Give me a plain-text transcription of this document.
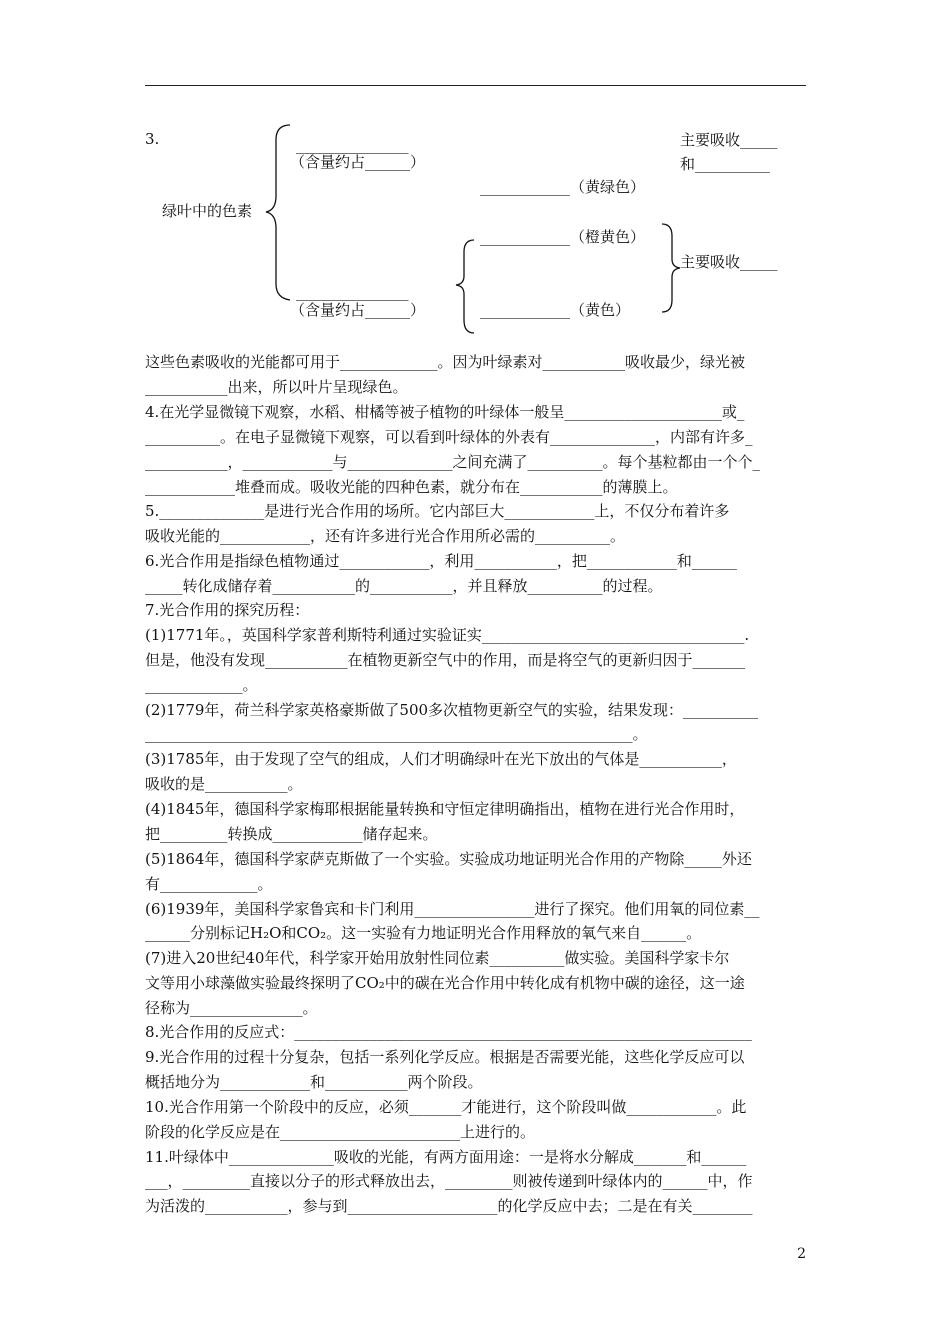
3.
绿叶中的色素
_______________
（含量约占______）
主要吸收_____
和__________
____________（黄绿色）
____________（橙黄色）
主要吸收_____
_______________
（含量约占______）	____________（黄色）
这些色素吸收的光能都可用于_____________。因为叶绿素对___________吸收最少，绿光被
___________出来，所以叶片呈现绿色。
4.在光学显微镜下观察，水稻、柑橘等被子植物的叶绿体一般呈_____________________或_
__________。在电子显微镜下观察，可以看到叶绿体的外表有______________，内部有许多_
___________，____________与______________之间充满了__________。每个基粒都由一个个_
____________堆叠而成。吸收光能的四种色素，就分布在___________的薄膜上。
5.______________是进行光合作用的场所。它内部巨大____________上，不仅分布着许多
吸收光能的____________，还有许多进行光合作用所必需的__________。
6.光合作用是指绿色植物通过____________，利用___________，把____________和______
_____转化成储存着___________的___________，并且释放__________的过程。
7.光合作用的探究历程：
(1)1771年。，英国科学家普利斯特利通过实验证实___________________________________.
但是，他没有发现___________在植物更新空气中的作用，而是将空气的更新归因于_______
_____________。
(2)1779年，荷兰科学家英格豪斯做了500多次植物更新空气的实验，结果发现：__________
_________________________________________________________________。
(3)1785年，由于发现了空气的组成，人们才明确绿叶在光下放出的气体是___________，
吸收的是___________。
(4)1845年，德国科学家梅耶根据能量转换和守恒定律明确指出，植物在进行光合作用时，
把_________转换成____________储存起来。
(5)1864年，德国科学家萨克斯做了一个实验。实验成功地证明光合作用的产物除_____外还
有_____________。
(6)1939年，美国科学家鲁宾和卡门利用________________进行了探究。他们用氧的同位素__
______分别标记H₂O和CO₂。这一实验有力地证明光合作用释放的氧气来自______。
(7)进入20世纪40年代，科学家开始用放射性同位素__________做实验。美国科学家卡尔
文等用小球藻做实验最终探明了CO₂中的碳在光合作用中转化成有机物中碳的途径，这一途
径称为_______________。
8.光合作用的反应式：_____________________________________________________________
9.光合作用的过程十分复杂，包括一系列化学反应。根据是否需要光能，这些化学反应可以
概括地分为____________和___________两个阶段。
10.光合作用第一个阶段中的反应，必须_______才能进行，这个阶段叫做____________。此
阶段的化学反应是在________________________上进行的。
11.叶绿体中______________吸收的光能，有两方面用途：一是将水分解成_______和______
___，_________直接以分子的形式释放出去，_________则被传递到叶绿体内的______中，作
为活泼的___________，参与到____________________的化学反应中去；二是在有关________
2
